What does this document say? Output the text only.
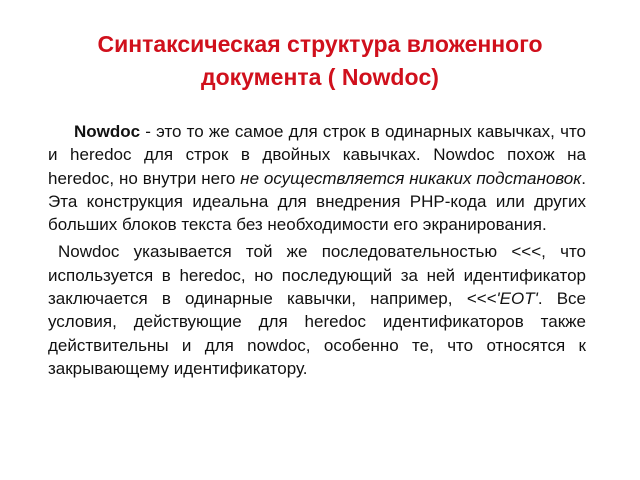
Синтаксическая структура вложенного
документа ( Nowdoc)

Nowdoc - это то же самое для строк в одинарных кавычках, что и heredoc для строк в двойных кавычках. Nowdoc похож на heredoc, но внутри него не осуществляется никаких подстановок. Эта конструкция идеальна для внедрения PHP-кода или других больших блоков текста без необходимости его экранирования.

Nowdoc указывается той же последовательностью <<<, что используется в heredoc, но последующий за ней идентификатор заключается в одинарные кавычки, например, <<<'EOT'. Все условия, действующие для heredoc идентификаторов также действительны и для nowdoc, особенно те, что относятся к закрывающему идентификатору.
